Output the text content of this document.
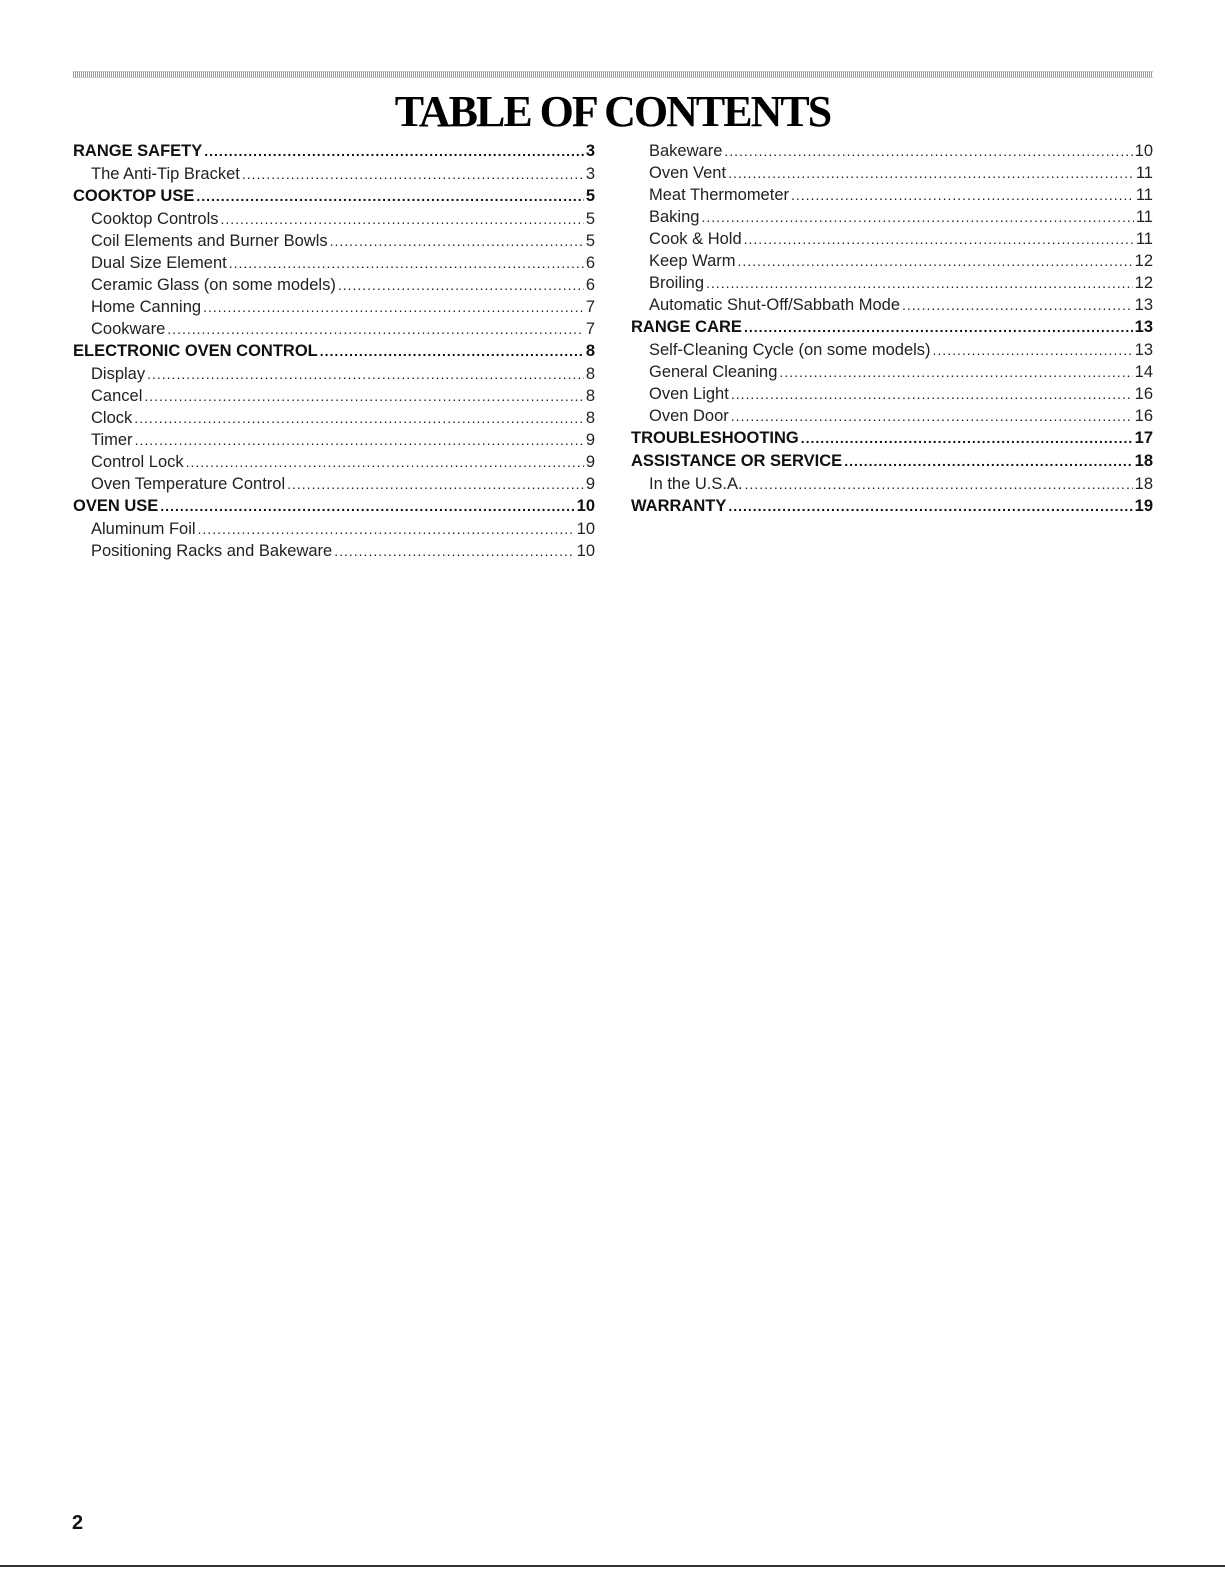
TABLE OF CONTENTS
RANGE SAFETY .....	3
The Anti-Tip Bracket .....	3
COOKTOP USE .....	5
Cooktop Controls .....	5
Coil Elements and Burner Bowls .....	5
Dual Size Element .....	6
Ceramic Glass (on some models) .....	6
Home Canning .....	7
Cookware .....	7
ELECTRONIC OVEN CONTROL .....	8
Display .....	8
Cancel .....	8
Clock .....	8
Timer .....	9
Control Lock .....	9
Oven Temperature Control .....	9
OVEN USE .....	10
Aluminum Foil .....	10
Positioning Racks and Bakeware .....	10
Bakeware .....	10
Oven Vent .....	11
Meat Thermometer .....	11
Baking .....	11
Cook & Hold .....	11
Keep Warm .....	12
Broiling .....	12
Automatic Shut-Off/Sabbath Mode .....	13
RANGE CARE .....	13
Self-Cleaning Cycle (on some models) .....	13
General Cleaning .....	14
Oven Light .....	16
Oven Door .....	16
TROUBLESHOOTING .....	17
ASSISTANCE OR SERVICE .....	18
In the U.S.A. .....	18
WARRANTY .....	19
2
